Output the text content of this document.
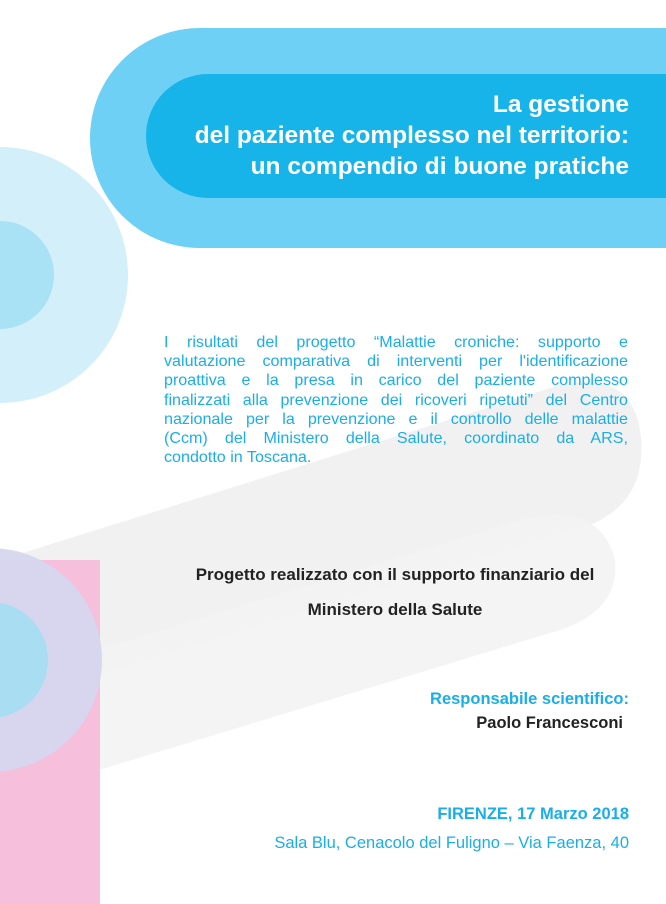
La gestione
del paziente complesso nel territorio:
un compendio di buone pratiche

I risultati del progetto “Malattie croniche: supporto e
valutazione comparativa di interventi per l'identificazione
proattiva e la presa in carico del paziente complesso
finalizzati alla prevenzione dei ricoveri ripetuti” del Centro
nazionale per la prevenzione e il controllo delle malattie
(Ccm) del Ministero della Salute, coordinato da ARS,
condotto in Toscana.

Progetto realizzato con il supporto finanziario del
Ministero della Salute
Responsabile scientifico:
Paolo Francesconi
FIRENZE, 17 Marzo 2018
Sala Blu, Cenacolo del Fuligno – Via Faenza, 40
